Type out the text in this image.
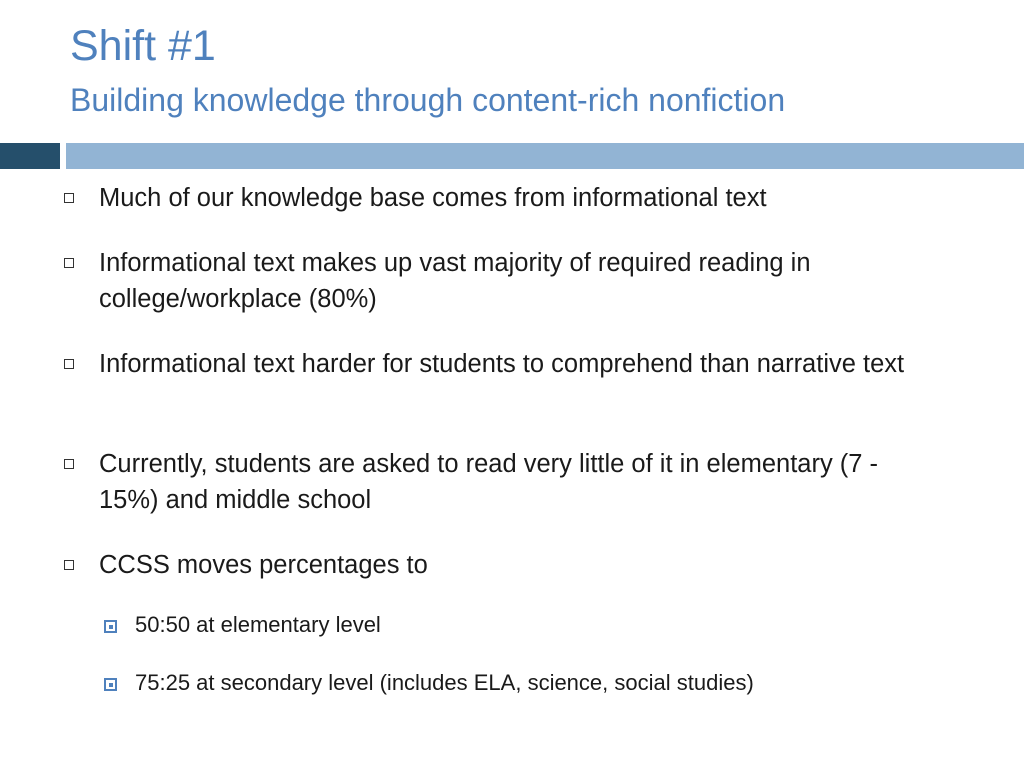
Shift #1
Building knowledge through content-rich nonfiction
Much of our knowledge base comes from informational text
Informational text makes up vast majority of required reading in college/workplace (80%)
Informational text harder for students to comprehend than narrative text
Currently, students are asked to read very little of it in elementary (7 - 15%) and middle school
CCSS moves percentages to
50:50 at elementary level
75:25 at secondary level (includes ELA, science, social studies)
